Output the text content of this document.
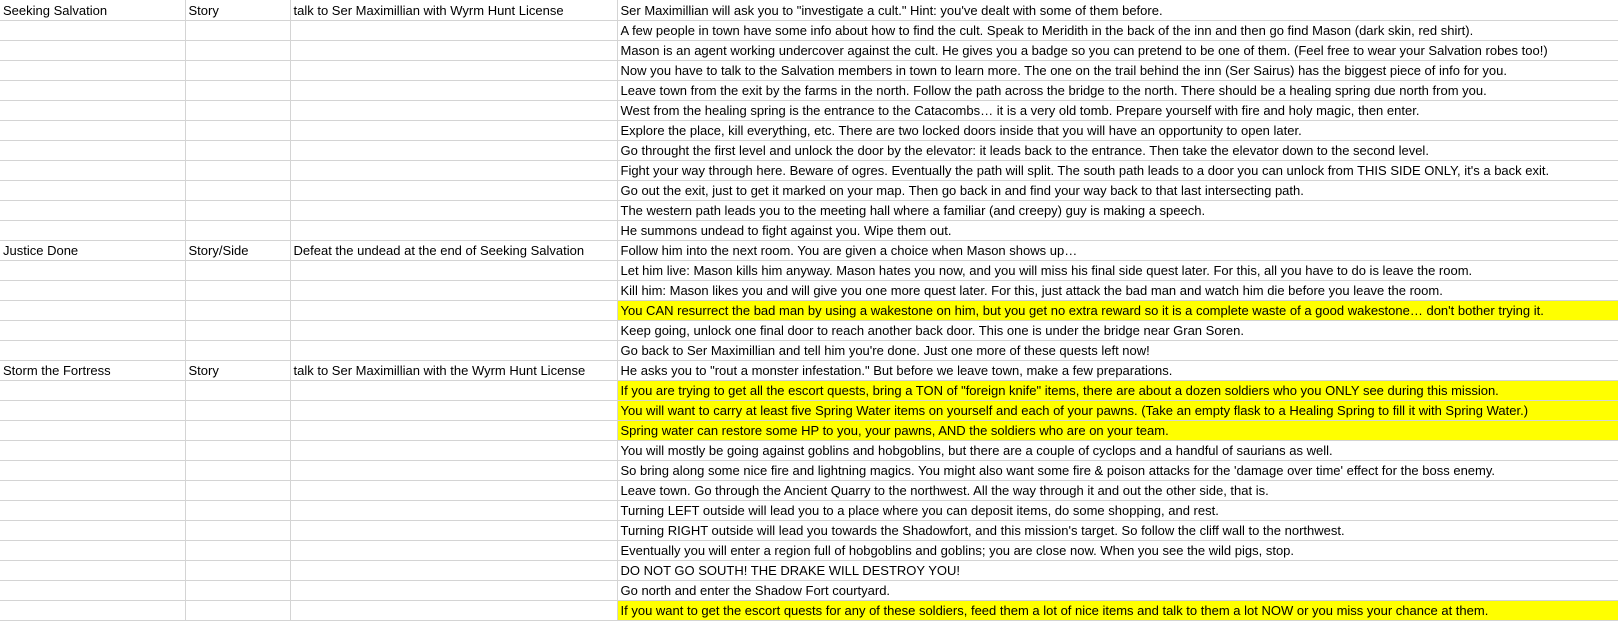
Seeking Salvation	Story	talk to Ser Maximillian with Wyrm Hunt License	Ser Maximillian will ask you to "investigate a cult." Hint: you've dealt with some of them before.
			A few people in town have some info about how to find the cult. Speak to Meridith in the back of the inn and then go find Mason (dark skin, red shirt).
			Mason is an agent working undercover against the cult. He gives you a badge so you can pretend to be one of them. (Feel free to wear your Salvation robes too!)
			Now you have to talk to the Salvation members in town to learn more. The one on the trail behind the inn (Ser Sairus) has the biggest piece of info for you.
			Leave town from the exit by the farms in the north. Follow the path across the bridge to the north. There should be a healing spring due north from you.
			West from the healing spring is the entrance to the Catacombs… it is a very old tomb. Prepare yourself with fire and holy magic, then enter.
			Explore the place, kill everything, etc. There are two locked doors inside that you will have an opportunity to open later.
			Go throught the first level and unlock the door by the elevator: it leads back to the entrance. Then take the elevator down to the second level.
			Fight your way through here. Beware of ogres. Eventually the path will split. The south path leads to a door you can unlock from THIS SIDE ONLY, it's a back exit.
			Go out the exit, just to get it marked on your map. Then go back in and find your way back to that last intersecting path.
			The western path leads you to the meeting hall where a familiar (and creepy) guy is making a speech.
			He summons undead to fight against you. Wipe them out.
Justice Done	Story/Side	Defeat the undead at the end of Seeking Salvation	Follow him into the next room. You are given a choice when Mason shows up…
			Let him live: Mason kills him anyway. Mason hates you now, and you will miss his final side quest later. For this, all you have to do is leave the room.
			Kill him: Mason likes you and will give you one more quest later. For this, just attack the bad man and watch him die before you leave the room.
			You CAN resurrect the bad man by using a wakestone on him, but you get no extra reward so it is a complete waste of a good wakestone… don't bother trying it.
			Keep going, unlock one final door to reach another back door. This one is under the bridge near Gran Soren.
			Go back to Ser Maximillian and tell him you're done. Just one more of these quests left now!
Storm the Fortress	Story	talk to Ser Maximillian with the Wyrm Hunt License	He asks you to "rout a monster infestation." But before we leave town, make a few preparations.
			If you are trying to get all the escort quests, bring a TON of "foreign knife" items, there are about a dozen soldiers who you ONLY see during this mission.
			You will want to carry at least five Spring Water items on yourself and each of your pawns. (Take an empty flask to a Healing Spring to fill it with Spring Water.)
			Spring water can restore some HP to you, your pawns, AND the soldiers who are on your team.
			You will mostly be going against goblins and hobgoblins, but there are a couple of cyclops and a handful of saurians as well.
			So bring along some nice fire and lightning magics. You might also want some fire & poison attacks for the 'damage over time' effect for the boss enemy.
			Leave town. Go through the Ancient Quarry to the northwest. All the way through it and out the other side, that is.
			Turning LEFT outside will lead you to a place where you can deposit items, do some shopping, and rest.
			Turning RIGHT outside will lead you towards the Shadowfort, and this mission's target. So follow the cliff wall to the northwest.
			Eventually you will enter a region full of hobgoblins and goblins; you are close now. When you see the wild pigs, stop.
			DO NOT GO SOUTH! THE DRAKE WILL DESTROY YOU!
			Go north and enter the Shadow Fort courtyard.
			If you want to get the escort quests for any of these soldiers, feed them a lot of nice items and talk to them a lot NOW or you miss your chance at them.
